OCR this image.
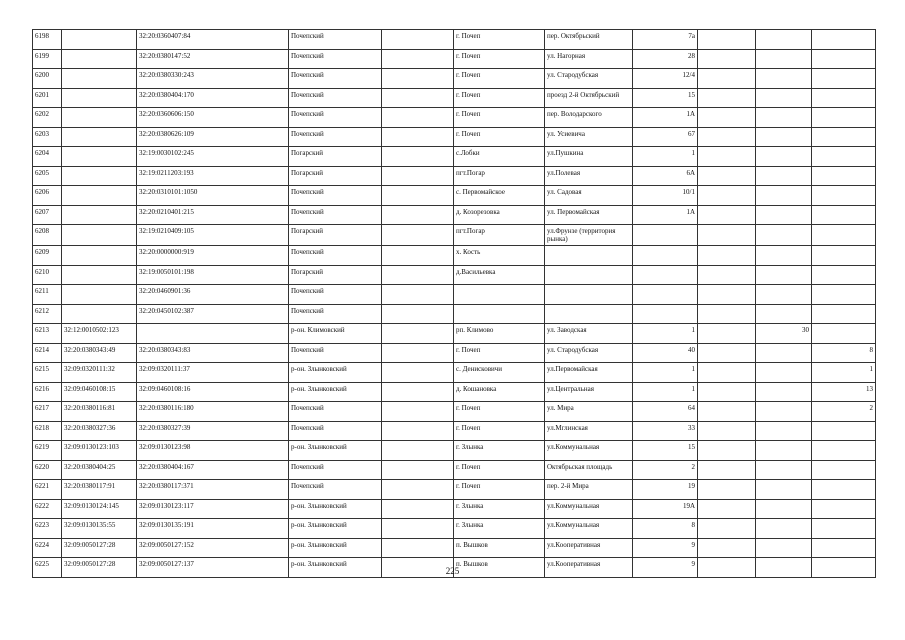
6198		32:20:0360407:84	Почепский		г. Почеп	пер. Октябрьский	7а			
6199		32:20:0380147:52	Почепский		г. Почеп	ул. Нагорная	28			
6200		32:20:0380330:243	Почепский		г. Почеп	ул. Стародубская	12/4			
6201		32:20:0380404:170	Почепский		г. Почеп	проезд 2-й Октябрьский	15			
6202		32:20:0360606:150	Почепский		г. Почеп	пер. Володарского	1А			
6203		32:20:0380626:109	Почепский		г. Почеп	ул. Усиевича	67			
6204		32:19:0030102:245	Погарский		с.Лобки	ул.Пушкина	1			
6205		32:19:0211203:193	Погарский		пгт.Погар	ул.Полевая	6А			
6206		32:20:0310101:1050	Почепский		с. Первомайское	ул. Садовая	10/1			
6207		32:20:0210401:215	Почепский		д. Козорезовка	ул. Первомайская	1А			
6208		32:19:0210409:105	Погарский		пгт.Погар	ул.Фрунзе (территория рынка)				
6209		32:20:0000000:919	Почепский		х. Кость					
6210		32:19:0050101:198	Погарский		д.Васильевка					
6211		32:20:0460901:36	Почепский							
6212		32:20:0450102:387	Почепский							
6213	32:12:0010502:123		р-он. Климовский		рп. Климово	ул. Заводская	1		30	
6214	32:20:0380343:49	32:20:0380343:83	Почепский		г. Почеп	ул. Стародубская	40			8
6215	32:09:0320111:32	32:09:0320111:37	р-он. Злынковский		с. Денисковичи	ул.Первомайская	1			1
6216	32:09:0460108:15	32:09:0460108:16	р-он. Злынковский		д. Кошановка	ул.Центральная	1			13
6217	32:20:0380116:81	32:20:0380116:180	Почепский		г. Почеп	ул. Мира	64			2
6218	32:20:0380327:36	32:20:0380327:39	Почепский		г. Почеп	ул.Мглинская	33			
6219	32:09:0130123:103	32:09:0130123:98	р-он. Злынковский		г. Злынка	ул.Коммунальная	15			
6220	32:20:0380404:25	32:20:0380404:167	Почепский		г. Почеп	Октябрьская площадь	2			
6221	32:20:0380117:91	32:20:0380117:371	Почепский		г. Почеп	пер. 2-й Мира	19			
6222	32:09:0130124:145	32:09:0130123:117	р-он. Злынковский		г. Злынка	ул.Коммунальная	19А			
6223	32:09:0130135:55	32:09:0130135:191	р-он. Злынковский		г. Злынка	ул.Коммунальная	8			
6224	32:09:0050127:28	32:09:0050127:152	р-он. Злынковский		п. Вышков	ул.Кооперативная	9			
6225	32:09:0050127:28	32:09:0050127:137	р-он. Злынковский		п. Вышков	ул.Кооперативная	9			
225
